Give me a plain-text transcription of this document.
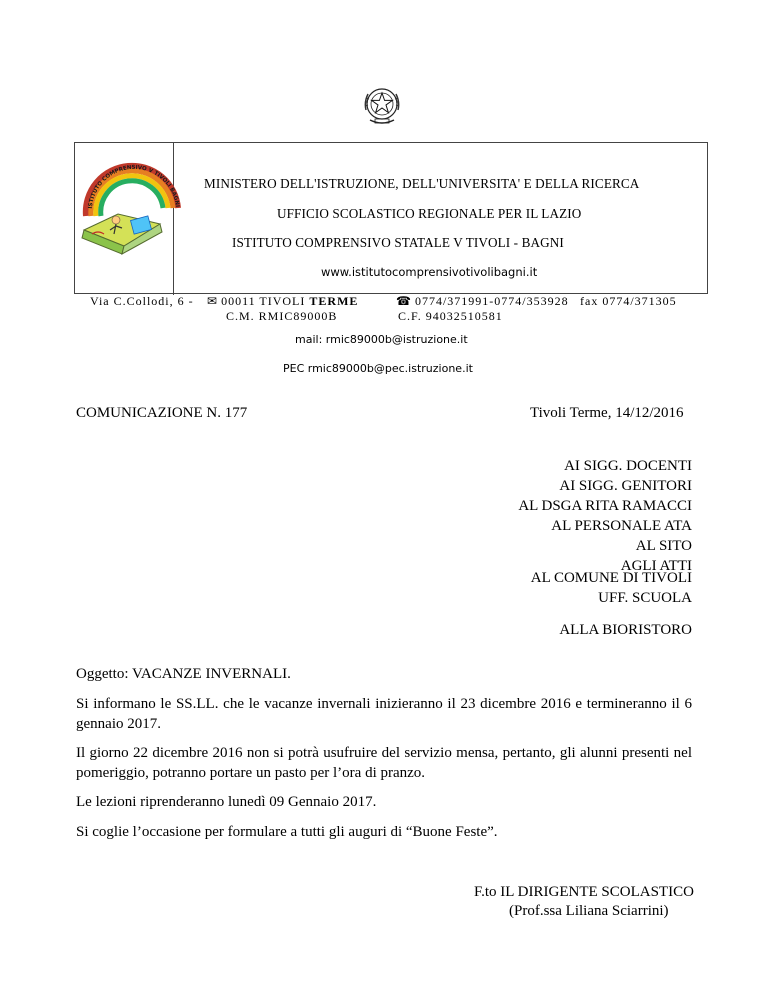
ISTITUTO COMPRENSIVO V TIVOLI BAGNI
MINISTERO DELL'ISTRUZIONE, DELL'UNIVERSITA' E DELLA RICERCA
UFFICIO SCOLASTICO REGIONALE PER IL LAZIO
ISTITUTO COMPRENSIVO STATALE V TIVOLI - BAGNI
www.istitutocomprensivotivolibagni.it
Via C.Collodi, 6 - ✉ 00011 TIVOLI TERME	☎ 0774/371991-0774/353928 fax 0774/371305
C.M. RMIC89000B	C.F. 94032510581
mail: rmic89000b@istruzione.it
PEC rmic89000b@pec.istruzione.it
COMUNICAZIONE N. 177	Tivoli Terme, 14/12/2016
AI SIGG. DOCENTI
AI SIGG. GENITORI
AL DSGA RITA RAMACCI
AL PERSONALE ATA
AL SITO
AGLI ATTI
AL COMUNE DI TIVOLI
UFF. SCUOLA
ALLA BIORISTORO
Oggetto: VACANZE INVERNALI.
Si informano le SS.LL. che le vacanze invernali inizieranno il 23 dicembre 2016 e termineranno il 6 gennaio 2017.
Il giorno 22 dicembre 2016 non si potrà usufruire del servizio mensa, pertanto, gli alunni presenti nel pomeriggio, potranno portare un pasto per l’ora di pranzo.
Le lezioni riprenderanno lunedì 09 Gennaio 2017.
Si coglie l’occasione per formulare a tutti gli auguri di “Buone Feste”.
F.to IL DIRIGENTE SCOLASTICO
(Prof.ssa Liliana Sciarrini)
